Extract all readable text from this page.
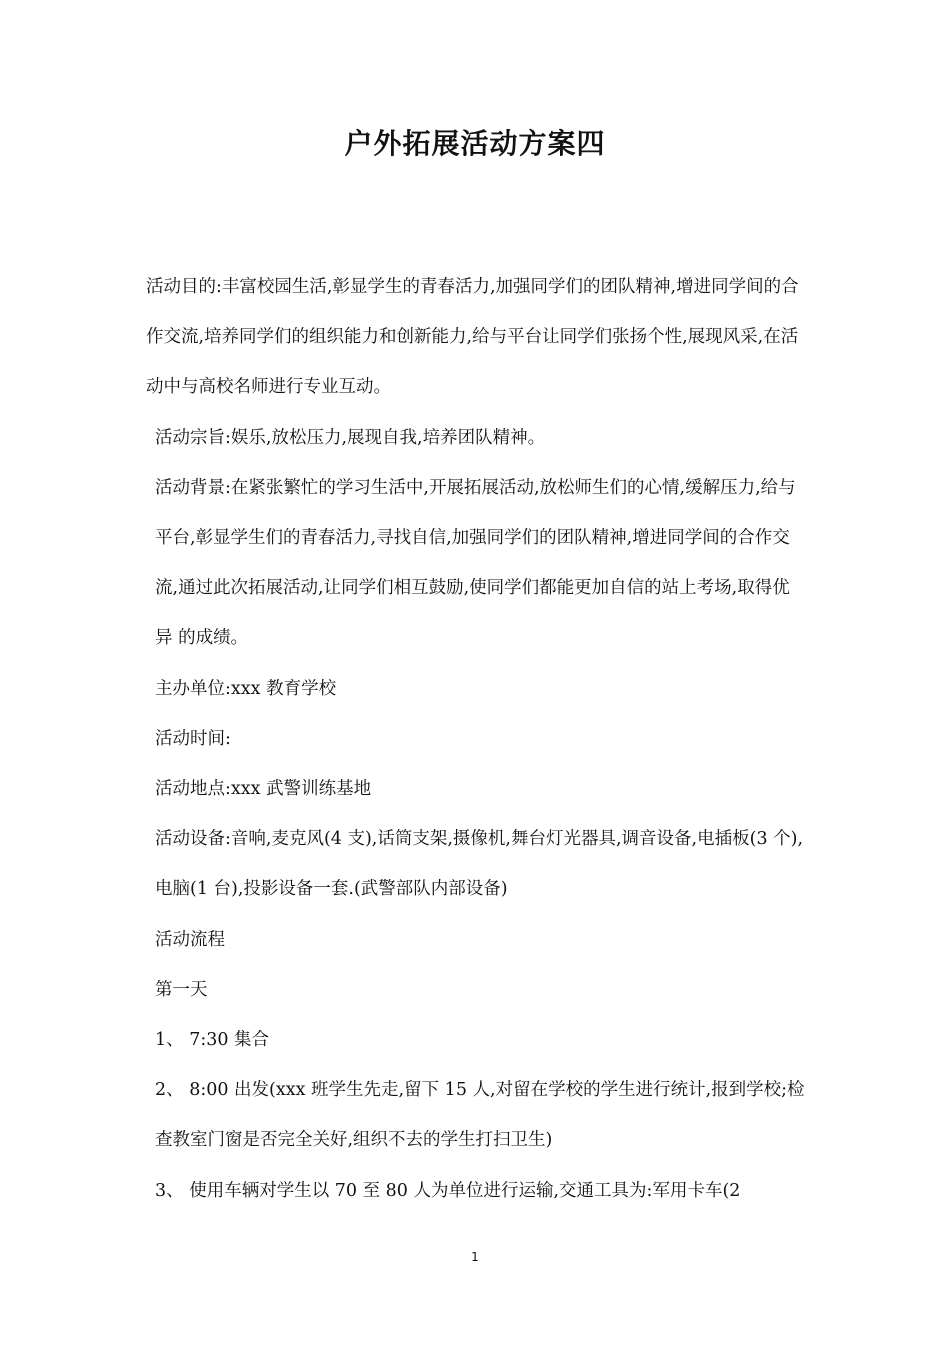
户外拓展活动方案四

活动目的:丰富校园生活,彰显学生的青春活力,加强同学们的团队精神,增进同学间的合作交流,培养同学们的组织能力和创新能力,给与平台让同学们张扬个性,展现风采,在活动中与高校名师进行专业互动。

活动宗旨:娱乐,放松压力,展现自我,培养团队精神。

活动背景:在紧张繁忙的学习生活中,开展拓展活动,放松师生们的心情,缓解压力,给与平台,彰显学生们的青春活力,寻找自信,加强同学们的团队精神,增进同学间的合作交流,通过此次拓展活动,让同学们相互鼓励,使同学们都能更加自信的站上考场,取得优异 的成绩。

主办单位:xxx 教育学校

活动时间:

活动地点:xxx 武警训练基地

活动设备:音响,麦克风(4 支),话筒支架,摄像机,舞台灯光器具,调音设备,电插板(3 个),电脑(1 台),投影设备一套.(武警部队内部设备)

活动流程

第一天

1、 7:30 集合

2、 8:00 出发(xxx 班学生先走,留下 15 人,对留在学校的学生进行统计,报到学校;检查教室门窗是否完全关好,组织不去的学生打扫卫生)

3、 使用车辆对学生以 70 至 80 人为单位进行运输,交通工具为:军用卡车(2

1
